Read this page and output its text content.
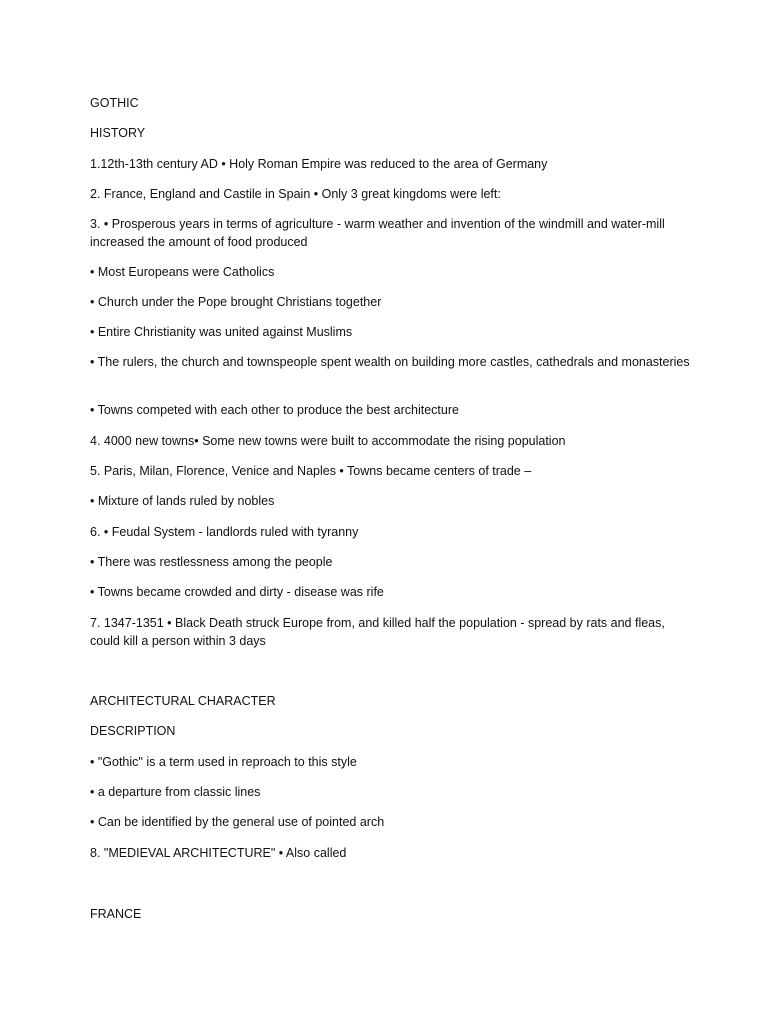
GOTHIC
HISTORY
1.12th-13th century AD • Holy Roman Empire was reduced to the area of Germany
2. France, England and Castile in Spain • Only 3 great kingdoms were left:
3. • Prosperous years in terms of agriculture - warm weather and invention of the windmill and water-mill increased the amount of food produced
• Most Europeans were Catholics
• Church under the Pope brought Christians together
• Entire Christianity was united against Muslims
• The rulers, the church and townspeople spent wealth on building more castles, cathedrals and monasteries
• Towns competed with each other to produce the best architecture
4. 4000 new towns• Some new towns were built to accommodate the rising population
5. Paris, Milan, Florence, Venice and Naples • Towns became centers of trade –
• Mixture of lands ruled by nobles
6. • Feudal System - landlords ruled with tyranny
• There was restlessness among the people
• Towns became crowded and dirty - disease was rife
7. 1347-1351 • Black Death struck Europe from, and killed half the population - spread by rats and fleas, could kill a person within 3 days
ARCHITECTURAL CHARACTER
DESCRIPTION
• "Gothic" is a term used in reproach to this style
• a departure from classic lines
• Can be identified by the general use of pointed arch
8. "MEDIEVAL ARCHITECTURE" • Also called
FRANCE
